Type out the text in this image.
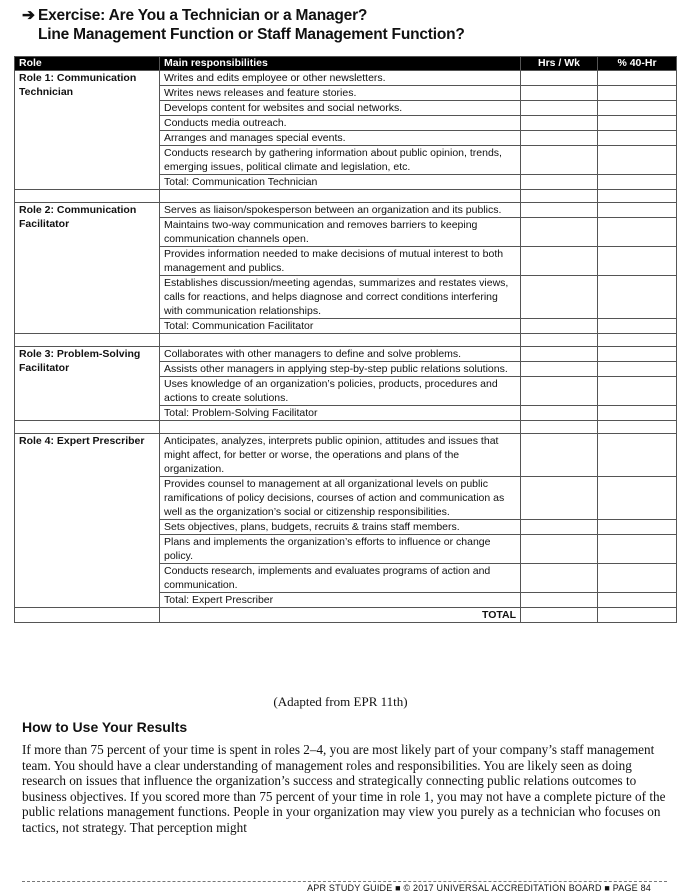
➔ Exercise: Are You a Technician or a Manager?
Line Management Function or Staff Management Function?
Role	Main responsibilities	Hrs / Wk	% 40-Hr
Role 1: Communication Technician	Writes and edits employee or other newsletters.		
	Writes news releases and feature stories.		
	Develops content for websites and social networks.		
	Conducts media outreach.		
	Arranges and manages special events.		
	Conducts research by gathering information about public opinion, trends, emerging issues, political climate and legislation, etc.		
	Total: Communication Technician		

Role 2: Communication Facilitator	Serves as liaison/spokesperson between an organization and its publics.		
	Maintains two-way communication and removes barriers to keeping communication channels open.		
	Provides information needed to make decisions of mutual interest to both management and publics.		
	Establishes discussion/meeting agendas, summarizes and restates views, calls for reactions, and helps diagnose and correct conditions interfering with communication relationships.		
	Total: Communication Facilitator		

Role 3: Problem-Solving Facilitator	Collaborates with other managers to define and solve problems.		
	Assists other managers in applying step-by-step public relations solutions.		
	Uses knowledge of an organization’s policies, products, procedures and actions to create solutions.		
	Total: Problem-Solving Facilitator		

Role 4: Expert Prescriber	Anticipates, analyzes, interprets public opinion, attitudes and issues that might affect, for better or worse, the operations and plans of the organization.		
	Provides counsel to management at all organizational levels on public ramifications of policy decisions, courses of action and communication as well as the organization’s social or citizenship responsibilities.		
	Sets objectives, plans, budgets, recruits & trains staff members.		
	Plans and implements the organization’s efforts to influence or change policy.		
	Conducts research, implements and evaluates programs of action and communication.		
	Total: Expert Prescriber		
	TOTAL		
(Adapted from EPR 11th)
How to Use Your Results
If more than 75 percent of your time is spent in roles 2–4, you are most likely part of your company’s staff management team. You should have a clear understanding of management roles and responsibilities. You are likely seen as doing research on issues that influence the organization’s success and strategically connecting public relations outcomes to business objectives. If you scored more than 75 percent of your time in role 1, you may not have a complete picture of the public relations management functions. People in your organization may view you purely as a technician who focuses on tactics, not strategy. That perception might
APR STUDY GUIDE ■ © 2017 UNIVERSAL ACCREDITATION BOARD ■ PAGE 84
